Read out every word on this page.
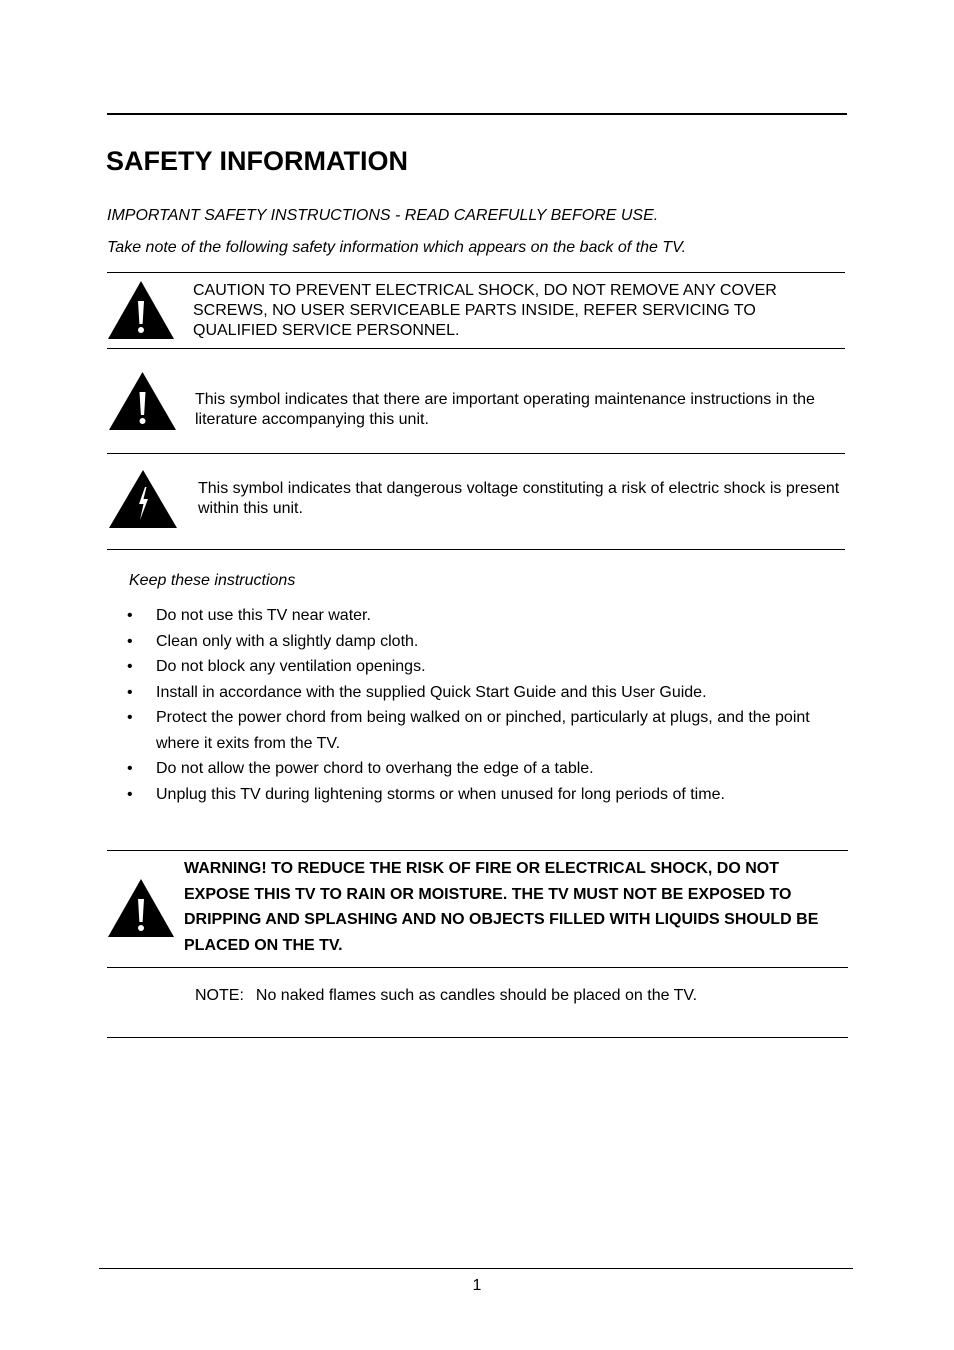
SAFETY INFORMATION
IMPORTANT SAFETY INSTRUCTIONS - READ CAREFULLY BEFORE USE.
Take note of the following safety information which appears on the back of the TV.
CAUTION TO PREVENT ELECTRICAL SHOCK, DO NOT REMOVE ANY COVER SCREWS, NO USER SERVICEABLE PARTS INSIDE, REFER SERVICING TO QUALIFIED SERVICE PERSONNEL.
This symbol indicates that there are important operating maintenance instructions in the literature accompanying this unit.
This symbol indicates that dangerous voltage constituting a risk of electric shock is present within this unit.
Keep these instructions
• Do not use this TV near water.
• Clean only with a slightly damp cloth.
• Do not block any ventilation openings.
• Install in accordance with the supplied Quick Start Guide and this User Guide.
• Protect the power chord from being walked on or pinched, particularly at plugs, and the point where it exits from the TV.
• Do not allow the power chord to overhang the edge of a table.
• Unplug this TV during lightening storms or when unused for long periods of time.
WARNING! TO REDUCE THE RISK OF FIRE OR ELECTRICAL SHOCK, DO NOT EXPOSE THIS TV TO RAIN OR MOISTURE. THE TV MUST NOT BE EXPOSED TO DRIPPING AND SPLASHING AND NO OBJECTS FILLED WITH LIQUIDS SHOULD BE PLACED ON THE TV.
NOTE: No naked flames such as candles should be placed on the TV.
1
